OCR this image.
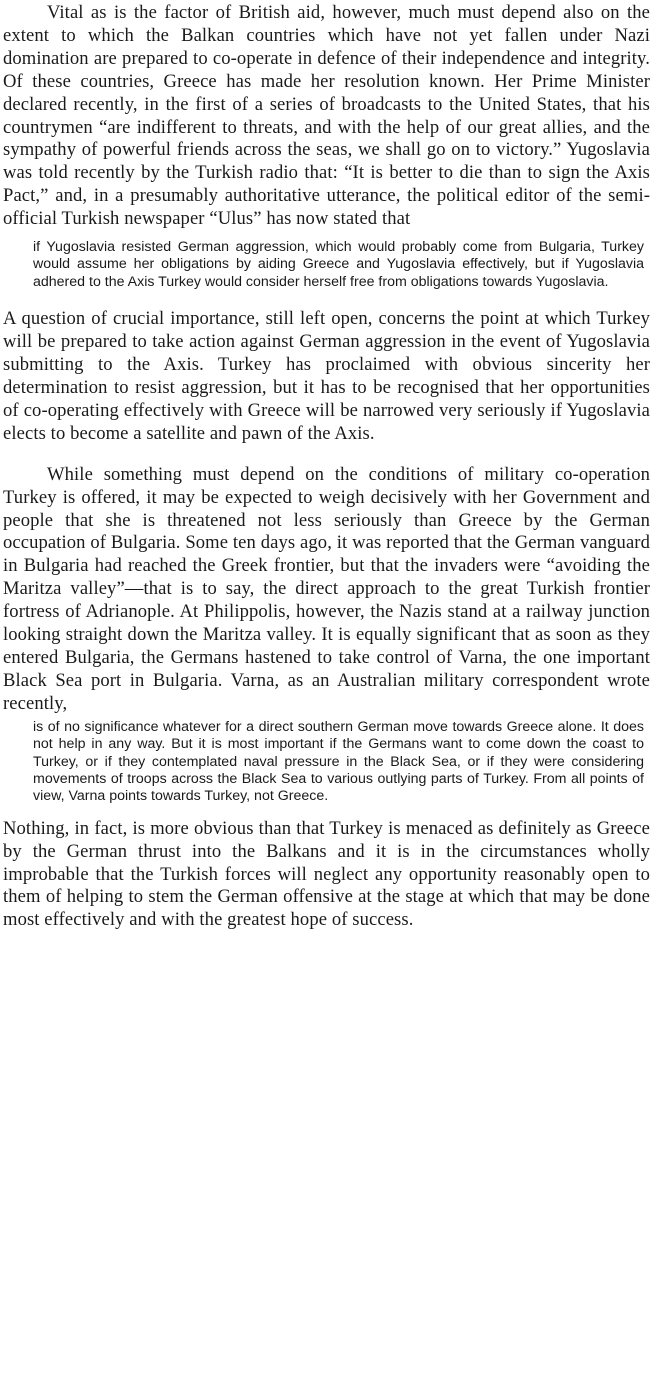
Vital as is the factor of British aid, however, much must depend also on the extent to which the Balkan countries which have not yet fallen under Nazi domination are prepared to co-operate in defence of their independence and integrity. Of these countries, Greece has made her resolution known. Her Prime Minister declared recently, in the first of a series of broadcasts to the United States, that his countrymen “are indifferent to threats, and with the help of our great allies, and the sympathy of powerful friends across the seas, we shall go on to victory.” Yugoslavia was told recently by the Turkish radio that: “It is better to die than to sign the Axis Pact,” and, in a presumably authoritative utterance, the political editor of the semi-official Turkish newspaper “Ulus” has now stated that

if Yugoslavia resisted German aggression, which would probably come from Bulgaria, Turkey would assume her obligations by aiding Greece and Yugoslavia effectively, but if Yugoslavia adhered to the Axis Turkey would consider herself free from obligations towards Yugoslavia.

A question of crucial importance, still left open, concerns the point at which Turkey will be prepared to take action against German aggression in the event of Yugoslavia submitting to the Axis. Turkey has proclaimed with obvious sincerity her determination to resist aggression, but it has to be recognised that her opportunities of co-operating effectively with Greece will be narrowed very seriously if Yugoslavia elects to become a satellite and pawn of the Axis.

While something must depend on the conditions of military co-operation Turkey is offered, it may be expected to weigh decisively with her Government and people that she is threatened not less seriously than Greece by the German occupation of Bulgaria. Some ten days ago, it was reported that the German vanguard in Bulgaria had reached the Greek frontier, but that the invaders were “avoiding the Maritza valley”—that is to say, the direct approach to the great Turkish frontier fortress of Adrianople. At Philippolis, however, the Nazis stand at a railway junction looking straight down the Maritza valley. It is equally significant that as soon as they entered Bulgaria, the Germans hastened to take control of Varna, the one important Black Sea port in Bulgaria. Varna, as an Australian military correspondent wrote recently,

is of no significance whatever for a direct southern German move towards Greece alone. It does not help in any way. But it is most important if the Germans want to come down the coast to Turkey, or if they contemplated naval pressure in the Black Sea, or if they were considering movements of troops across the Black Sea to various outlying parts of Turkey. From all points of view, Varna points towards Turkey, not Greece.

Nothing, in fact, is more obvious than that Turkey is menaced as definitely as Greece by the German thrust into the Balkans and it is in the circumstances wholly improbable that the Turkish forces will neglect any opportunity reasonably open to them of helping to stem the German offensive at the stage at which that may be done most effectively and with the greatest hope of success.
